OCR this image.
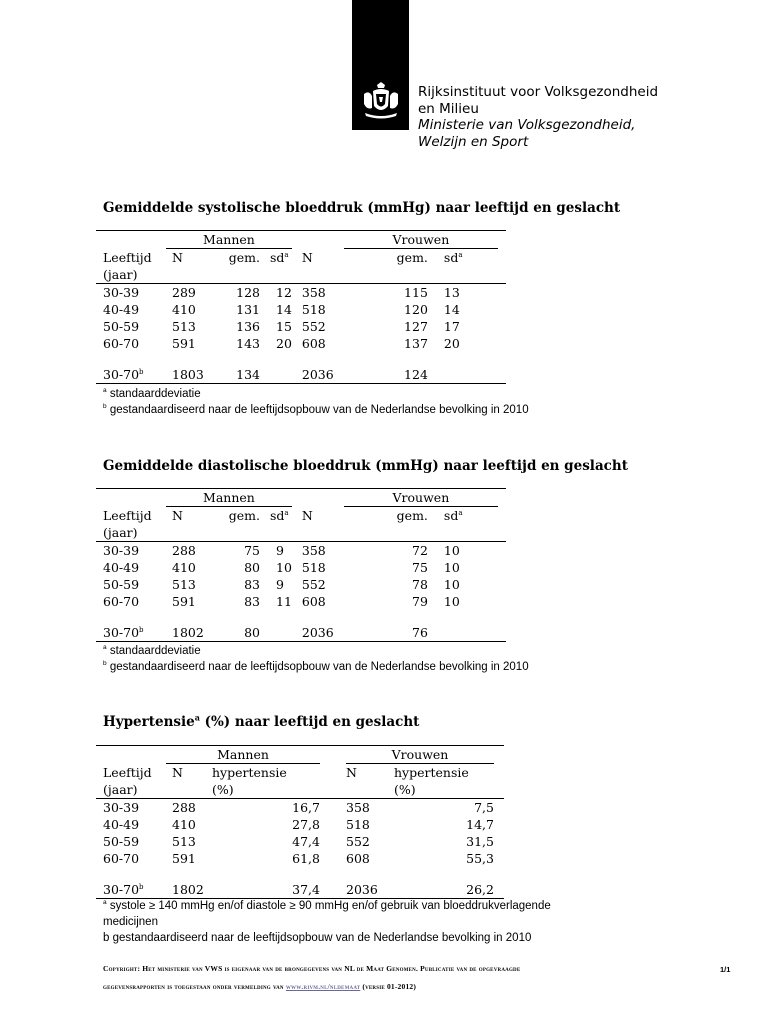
Rijksinstituut voor Volksgezondheid
en Milieu
Ministerie van Volksgezondheid,
Welzijn en Sport
Gemiddelde systolische bloeddruk (mmHg) naar leeftijd en geslacht
	Mannen				Vrouwen				
Leeftijd	N	gem.	$sd^a$	N		gem.	$sd^a$		
(jaar)									
30-39	289	128	12	358		115	13		
40-49	410	131	14	518		120	14		
50-59	513	136	15	552		127	17		
60-70	591	143	20	608		137	20		

30-70$^b$	1803	134		2036		124			
$^a$ standaarddeviatie
$^b$ gestandaardiseerd naar de leeftijdsopbouw van de Nederlandse bevolking in 2010
Gemiddelde diastolische bloeddruk (mmHg) naar leeftijd en geslacht
	Mannen				Vrouwen				
Leeftijd	N	gem.	$sd^a$	N		gem.	$sd^a$		
(jaar)									
30-39	288	75	9	358		72	10		
40-49	410	80	10	518		75	10		
50-59	513	83	9	552		78	10		
60-70	591	83	11	608		79	10		

30-70$^b$	1802	80		2036		76			
$^a$ standaarddeviatie
$^b$ gestandaardiseerd naar de leeftijdsopbouw van de Nederlandse bevolking in 2010
Hypertensie$^a$ (%) naar leeftijd en geslacht
	Mannen			Vrouwen		
Leeftijd	N	hypertensie		N	hypertensie	
(jaar)		(%)			(%)	
30-39	288	16,7		358	7,5	
40-49	410	27,8		518	14,7	
50-59	513	47,4		552	31,5	
60-70	591	61,8		608	55,3	

30-70$^b$	1802	37,4		2036	26,2	
$^a$ systole ≥ 140 mmHg en/of diastole ≥ 90 mmHg en/of gebruik van bloeddrukverlagende
medicijnen
b gestandaardiseerd naar de leeftijdsopbouw van de Nederlandse bevolking in 2010
Copyright: Het ministerie van VWS is eigenaar van de brongegevens van NL de Maat Genomen. Publicatie van de opgevraagde
gegevensrapporten is toegestaan onder vermelding van www.rivm.nl/nldemaat (versie 01-2012)
1/1
